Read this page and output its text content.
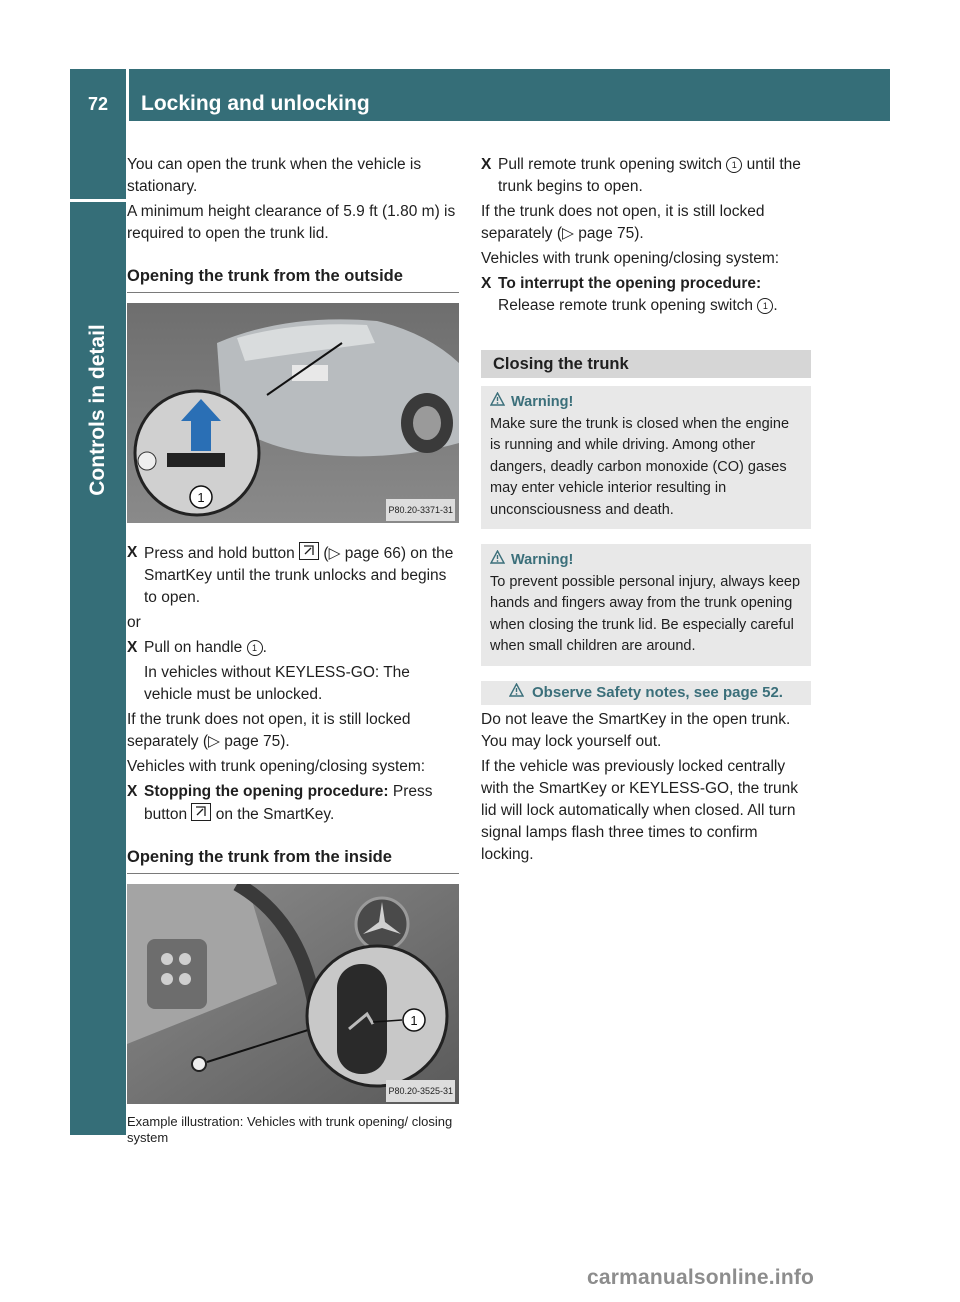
72	Locking and unlocking
Controls in detail

You can open the trunk when the vehicle is stationary.

A minimum height clearance of 5.9 ft (1.80 m) is required to open the trunk lid.

Opening the trunk from the outside
1
P80.20-3371-31
X Press and hold button
(▷ page 66) on the SmartKey until the trunk unlocks and begins to open.

or

X Pull on handle 1 .

In vehicles without KEYLESS-GO: The vehicle must be unlocked.

If the trunk does not open, it is still locked separately (▷ page 75).

Vehicles with trunk opening/closing system:

X Stopping the opening procedure: Press button
on the SmartKey.
Opening the trunk from the inside
1
P80.20-3525-31
Example illustration: Vehicles with trunk opening/ closing system
X Pull remote trunk opening switch 1 until the trunk begins to open.

If the trunk does not open, it is still locked separately (▷ page 75).

Vehicles with trunk opening/closing system:

X To interrupt the opening procedure:
Release remote trunk opening switch 1 .
Closing the trunk
Warning!
Make sure the trunk is closed when the engine is running and while driving. Among other dangers, deadly carbon monoxide (CO) gases may enter vehicle interior resulting in unconsciousness and death.
Warning!
To prevent possible personal injury, always keep hands and fingers away from the trunk opening when closing the trunk lid. Be especially careful when small children are around.
Observe Safety notes, see page 52.

Do not leave the SmartKey in the open trunk. You may lock yourself out.

If the vehicle was previously locked centrally with the SmartKey or KEYLESS-GO, the trunk lid will lock automatically when closed. All turn signal lamps flash three times to confirm locking.

carmanualsonline.info
